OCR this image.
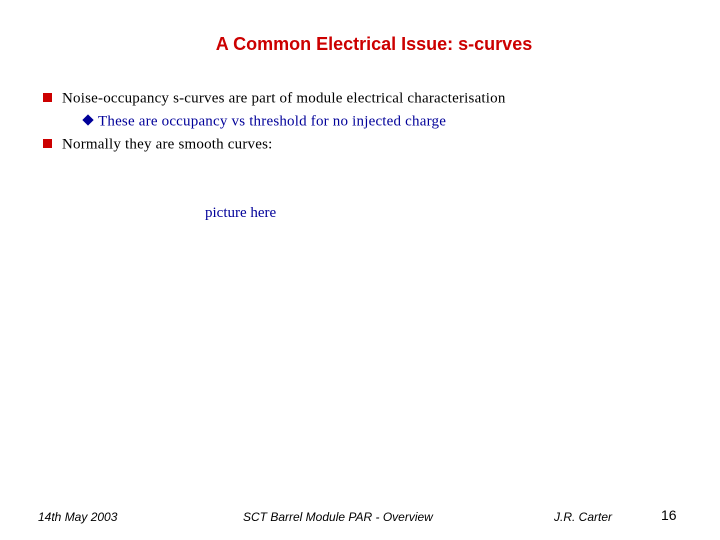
A Common Electrical Issue: s-curves
Noise-occupancy s-curves are part of module electrical characterisation
These are occupancy vs threshold for no injected charge
Normally they are smooth curves:
picture here
14th May 2003	SCT Barrel Module PAR - Overview	J.R. Carter	16
